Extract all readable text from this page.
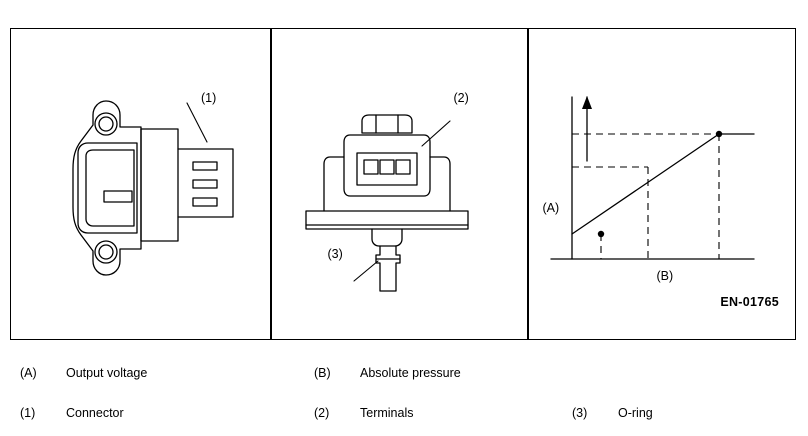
(1)	(2)
(3)
(A)
(B)
EN-01765
(A) Output voltage	(B) Absolute pressure
(1) Connector	(2) Terminals	(3) O-ring
